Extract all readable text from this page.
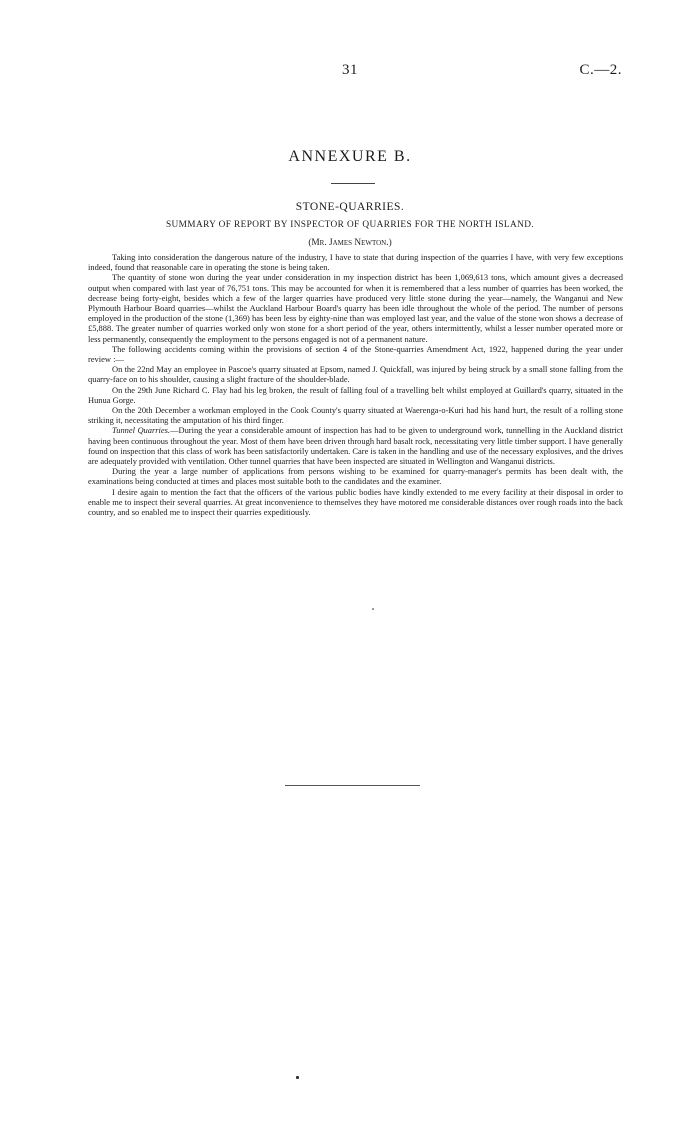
31	C.—2.
ANNEXURE B.
STONE-QUARRIES.
SUMMARY OF REPORT BY INSPECTOR OF QUARRIES FOR THE NORTH ISLAND.
(Mr. James Newton.)

Taking into consideration the dangerous nature of the industry, I have to state that during inspection of the quarries I have, with very few exceptions indeed, found that reasonable care in operating the stone is being taken.

The quantity of stone won during the year under consideration in my inspection district has been 1,069,613 tons, which amount gives a decreased output when compared with last year of 76,751 tons. This may be accounted for when it is remembered that a less number of quarries has been worked, the decrease being forty-eight, besides which a few of the larger quarries have produced very little stone during the year—namely, the Wanganui and New Plymouth Harbour Board quarries—whilst the Auckland Harbour Board's quarry has been idle throughout the whole of the period. The number of persons employed in the production of the stone (1,369) has been less by eighty-nine than was employed last year, and the value of the stone won shows a decrease of £5,888. The greater number of quarries worked only won stone for a short period of the year, others intermittently, whilst a lesser number operated more or less permanently, consequently the employment to the persons engaged is not of a permanent nature.

The following accidents coming within the provisions of section 4 of the Stone-quarries Amendment Act, 1922, happened during the year under review :—

On the 22nd May an employee in Pascoe's quarry situated at Epsom, named J. Quickfall, was injured by being struck by a small stone falling from the quarry-face on to his shoulder, causing a slight fracture of the shoulder-blade.

On the 29th June Richard C. Flay had his leg broken, the result of falling foul of a travelling belt whilst employed at Guillard's quarry, situated in the Hunua Gorge.

On the 20th December a workman employed in the Cook County's quarry situated at Waerenga-o-Kuri had his hand hurt, the result of a rolling stone striking it, necessitating the amputation of his third finger.

Tunnel Quarries.—During the year a considerable amount of inspection has had to be given to underground work, tunnelling in the Auckland district having been continuous throughout the year. Most of them have been driven through hard basalt rock, necessitating very little timber support. I have generally found on inspection that this class of work has been satisfactorily undertaken. Care is taken in the handling and use of the necessary explosives, and the drives are adequately provided with ventilation. Other tunnel quarries that have been inspected are situated in Wellington and Wanganui districts.

During the year a large number of applications from persons wishing to be examined for quarry-manager's permits has been dealt with, the examinations being conducted at times and places most suitable both to the candidates and the examiner.

I desire again to mention the fact that the officers of the various public bodies have kindly extended to me every facility at their disposal in order to enable me to inspect their several quarries. At great inconvenience to themselves they have motored me considerable distances over rough roads into the back country, and so enabled me to inspect their quarries expeditiously.
